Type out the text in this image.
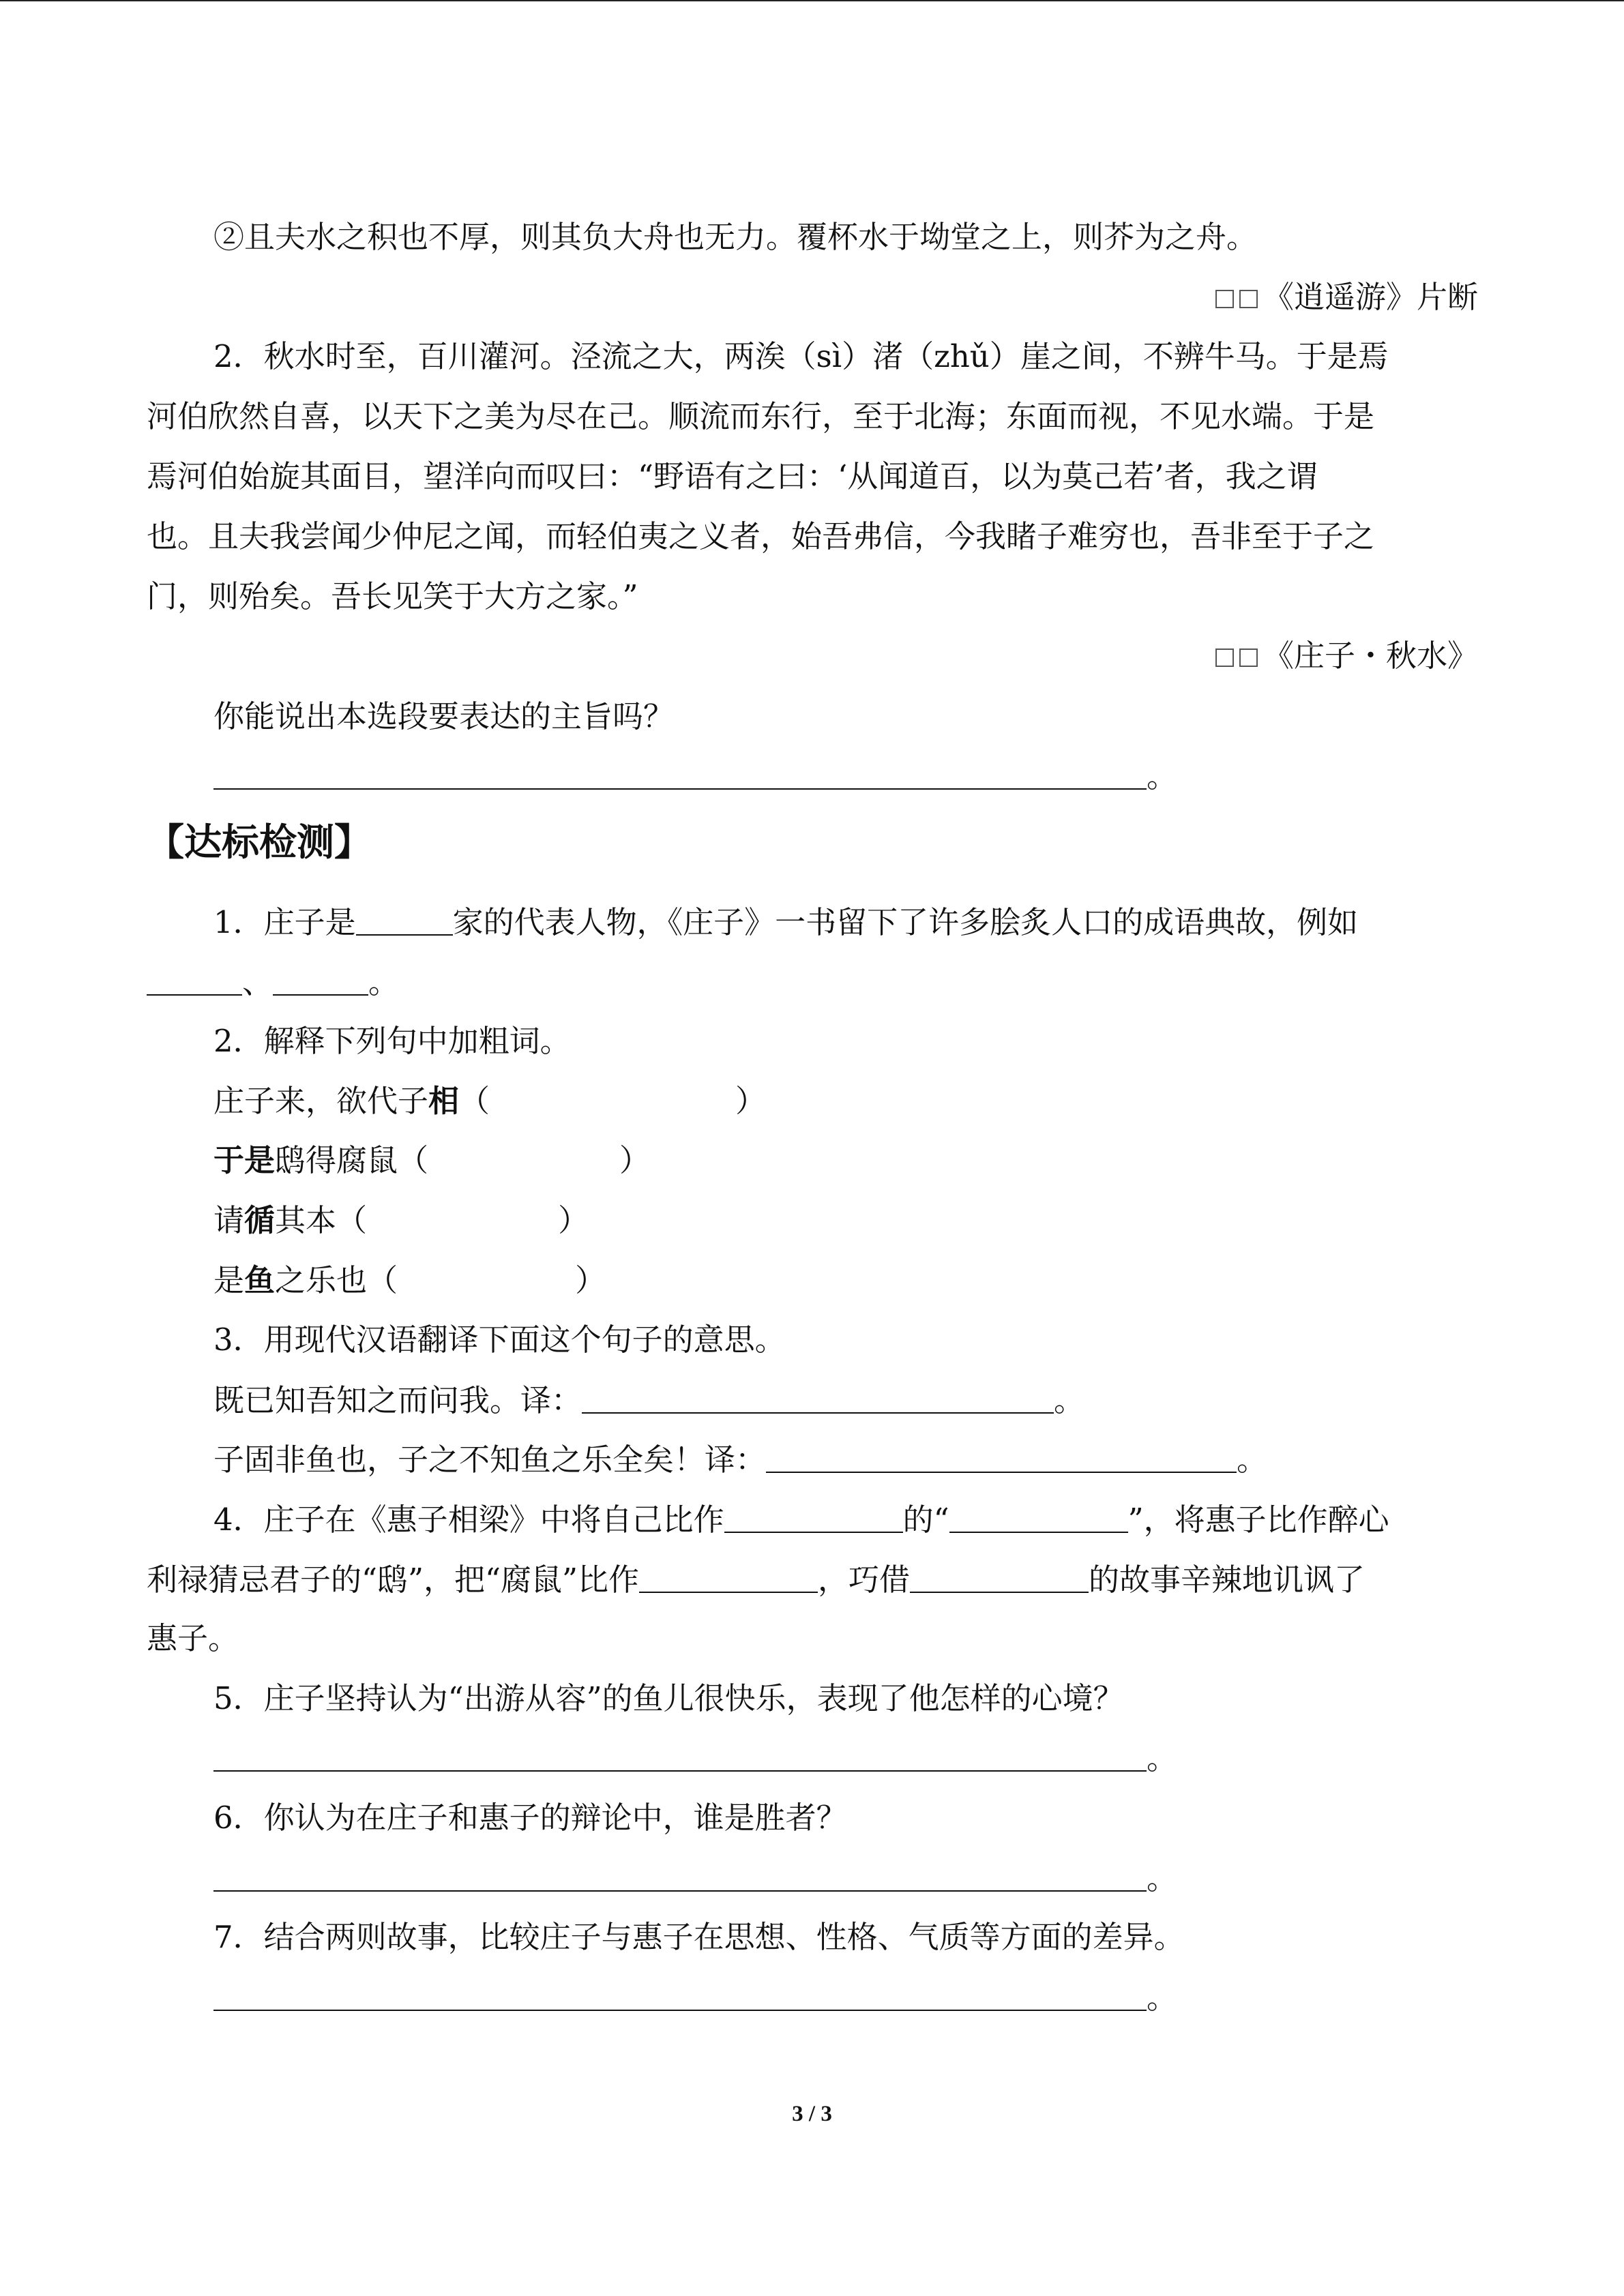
②且夫水之积也不厚，则其负大舟也无力。覆杯水于坳堂之上，则芥为之舟。
《逍遥游》片断
2．秋水时至，百川灌河。泾流之大，两涘（sì）渚（zhǔ）崖之间，不辨牛马。于是焉
河伯欣然自喜，以天下之美为尽在己。顺流而东行，至于北海；东面而视，不见水端。于是
焉河伯始旋其面目，望洋向而叹曰：“野语有之曰：‘从闻道百，以为莫己若’者，我之谓
也。且夫我尝闻少仲尼之闻，而轻伯夷之义者，始吾弗信，今我睹子难穷也，吾非至于子之
门，则殆矣。吾长见笑于大方之家。”
《庄子・秋水》
你能说出本选段要表达的主旨吗？
。
【达标检测】
1．庄子是	家的代表人物，《庄子》一书留下了许多脍炙人口的成语典故，例如
、	。
2．解释下列句中加粗词。
庄子来，欲代子相（	）
于是鸱得腐鼠（	）
请循其本（	）
是鱼之乐也（	）
3．用现代汉语翻译下面这个句子的意思。
既已知吾知之而问我。译：	。
子固非鱼也，子之不知鱼之乐全矣！译：	。
4．庄子在《惠子相梁》中将自己比作	的“	”，将惠子比作醉心
利禄猜忌君子的“鸱”，把“腐鼠”比作	，巧借	的故事辛辣地讥讽了
惠子。
5．庄子坚持认为“出游从容”的鱼儿很快乐，表现了他怎样的心境？
。
6．你认为在庄子和惠子的辩论中，谁是胜者？
。
7．结合两则故事，比较庄子与惠子在思想、性格、气质等方面的差异。
。
3 / 3
